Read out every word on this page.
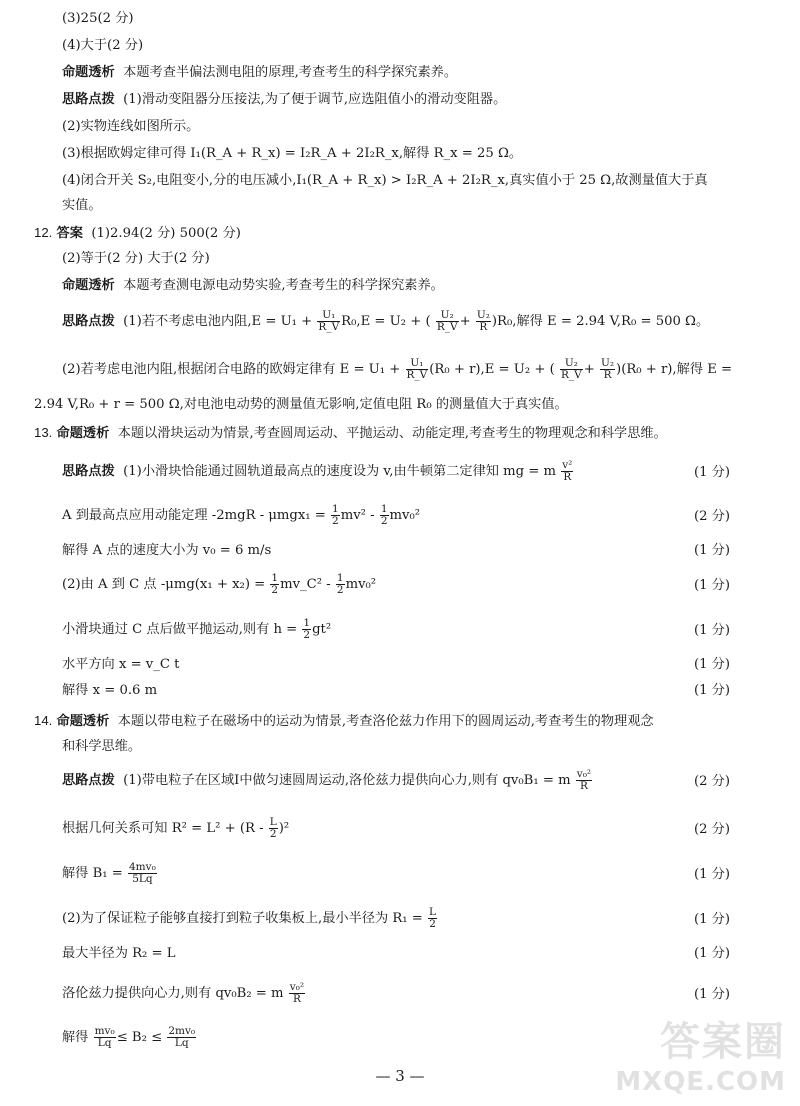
(3)25(2 分)
(4)大于(2 分)
命题透析 本题考查半偏法测电阻的原理,考查考生的科学探究素养。
思路点拨 (1)滑动变阻器分压接法,为了便于调节,应选阻值小的滑动变阻器。
(2)实物连线如图所示。
(3)根据欧姆定律可得 I₁(R_A + R_x) = I₂R_A + 2I₂R_x,解得 R_x = 25 Ω。
(4)闭合开关 S₂,电阻变小,分的电压减小,I₁(R_A + R_x) > I₂R_A + 2I₂R_x,真实值小于 25 Ω,故测量值大于真
实值。
12. 答案 (1)2.94(2 分) 500(2 分)
(2)等于(2 分) 大于(2 分)
命题透析 本题考查测电源电动势实验,考查考生的科学探究素养。
思路点拨 (1)若不考虑电池内阻$,E = U_1 + \frac{\text{U₁}}{R\_V} R_0,E = U_2$ + ( $\frac{\text{U₂}}{R\_V} + \frac{\text{U₂}}{R} )R_0$,解得 E = 2.94 V,R₀ = 500 Ω。
(2)若考虑电池内阻,根据闭合电路的欧姆定律有 $E = U_1 + \frac{\text{U₁}}{R\_V} (R_0 + r),E = U_2$ + ( $\frac{\text{U₂}}{R\_V} + \frac{\text{U₂}}{R} )(R_0 + r)$,解得 E =
2.94 V,R₀ + r = 500 Ω,对电池电动势的测量值无影响,定值电阻 R₀ 的测量值大于真实值。
13. 命题透析 本题以滑块运动为情景,考查圆周运动、平抛运动、动能定理,考查考生的物理观念和科学思维。
思路点拨 (1)小滑块恰能通过圆轨道最高点的速度设为 v,由牛顿第二定律知 mg = m $\frac{\text{v²}}{R}$	(1 分)
A 到最高点应用动能定理 $-2mgR - \mu mgx_1 = \frac{1}{2} mv^2 - \frac{1}{2} mv_0^2$	(2 分)
解得 A 点的速度大小为 v₀ = 6 m/s	(1 分)
(2)由 A 到 C 点 $-\mu mg(x_1 + x_2) = \frac{1}{2}$ mv_C² - $\frac{1}{2} mv_0^2$	(1 分)
小滑块通过 C 点后做平抛运动,则有 $h = \frac{1}{2} gt^2$	(1 分)
水平方向 x = v_C t	(1 分)
解得 x = 0.6 m	(1 分)
14. 命题透析 本题以带电粒子在磁场中的运动为情景,考查洛伦兹力作用下的圆周运动,考查考生的物理观念
和科学思维。
思路点拨 (1)带电粒子在区域Ⅰ中做匀速圆周运动,洛伦兹力提供向心力,则有 qv₀B₁ = m $\frac{\text{v₀²}}{R}$	(2 分)
根据几何关系可知 $R^2 = L^2 + (R - \frac{L}{2} )^2$	(2 分)
解得 $B_1 = \frac{\text{4mv₀}}{5Lq}$	(1 分)
(2)为了保证粒子能够直接打到粒子收集板上,最小半径为 $R_1 = \frac{L}{2}$	(1 分)
最大半径为 R₂ = L	(1 分)
洛伦兹力提供向心力,则有 qv₀B₂ = m $\frac{\text{v₀²}}{R}$	(1 分)
解得 $\frac{\text{mv₀}}{Lq} \le B_2 \le \frac{\text{2mv₀}}{Lq}$
— 3 —
答案圈
MXQE.COM
